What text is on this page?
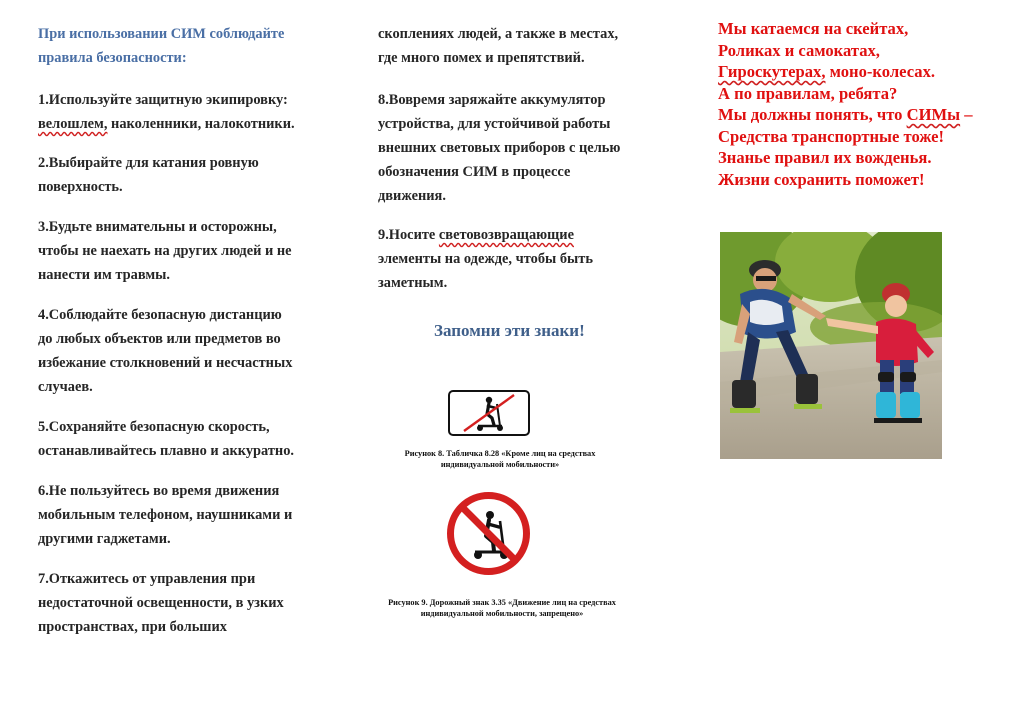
При использовании СИМ соблюдайте
правила безопасности:
1.Используйте защитную экипировку:
велошлем, наколенники, налокотники.
2.Выбирайте для катания ровную
поверхность.
3.Будьте внимательны и осторожны,
чтобы не наехать на других людей и не
нанести им травмы.
4.Соблюдайте безопасную дистанцию
до любых объектов или предметов во
избежание столкновений и несчастных
случаев.
5.Сохраняйте безопасную скорость,
останавливайтесь плавно и аккуратно.
6.Не пользуйтесь во время движения
мобильным телефоном, наушниками и
другими гаджетами.
7.Откажитесь от управления при
недостаточной освещенности, в узких
пространствах, при больших
скоплениях людей, а также в местах,
где много помех и препятствий.
8.Вовремя заряжайте аккумулятор
устройства, для устойчивой работы
внешних световых приборов с целью
обозначения СИМ в процессе
движения.
9.Носите световозвращающие
элементы на одежде, чтобы быть
заметным.
Запомни эти знаки!
Рисунок 8. Табличка 8.28 «Кроме лиц на средствах
индивидуальной мобильности»
Рисунок 9. Дорожный знак 3.35 «Движение лиц на средствах
индивидуальной мобильности, запрещено»
Мы катаемся на скейтах,
Роликах и самокатах,
Гироскутерах, моно-колесах.
А по правилам, ребята?
Мы должны понять, что СИМы –
Средства транспортные тоже!
Знанье правил их вожденья.
Жизни сохранить поможет!
